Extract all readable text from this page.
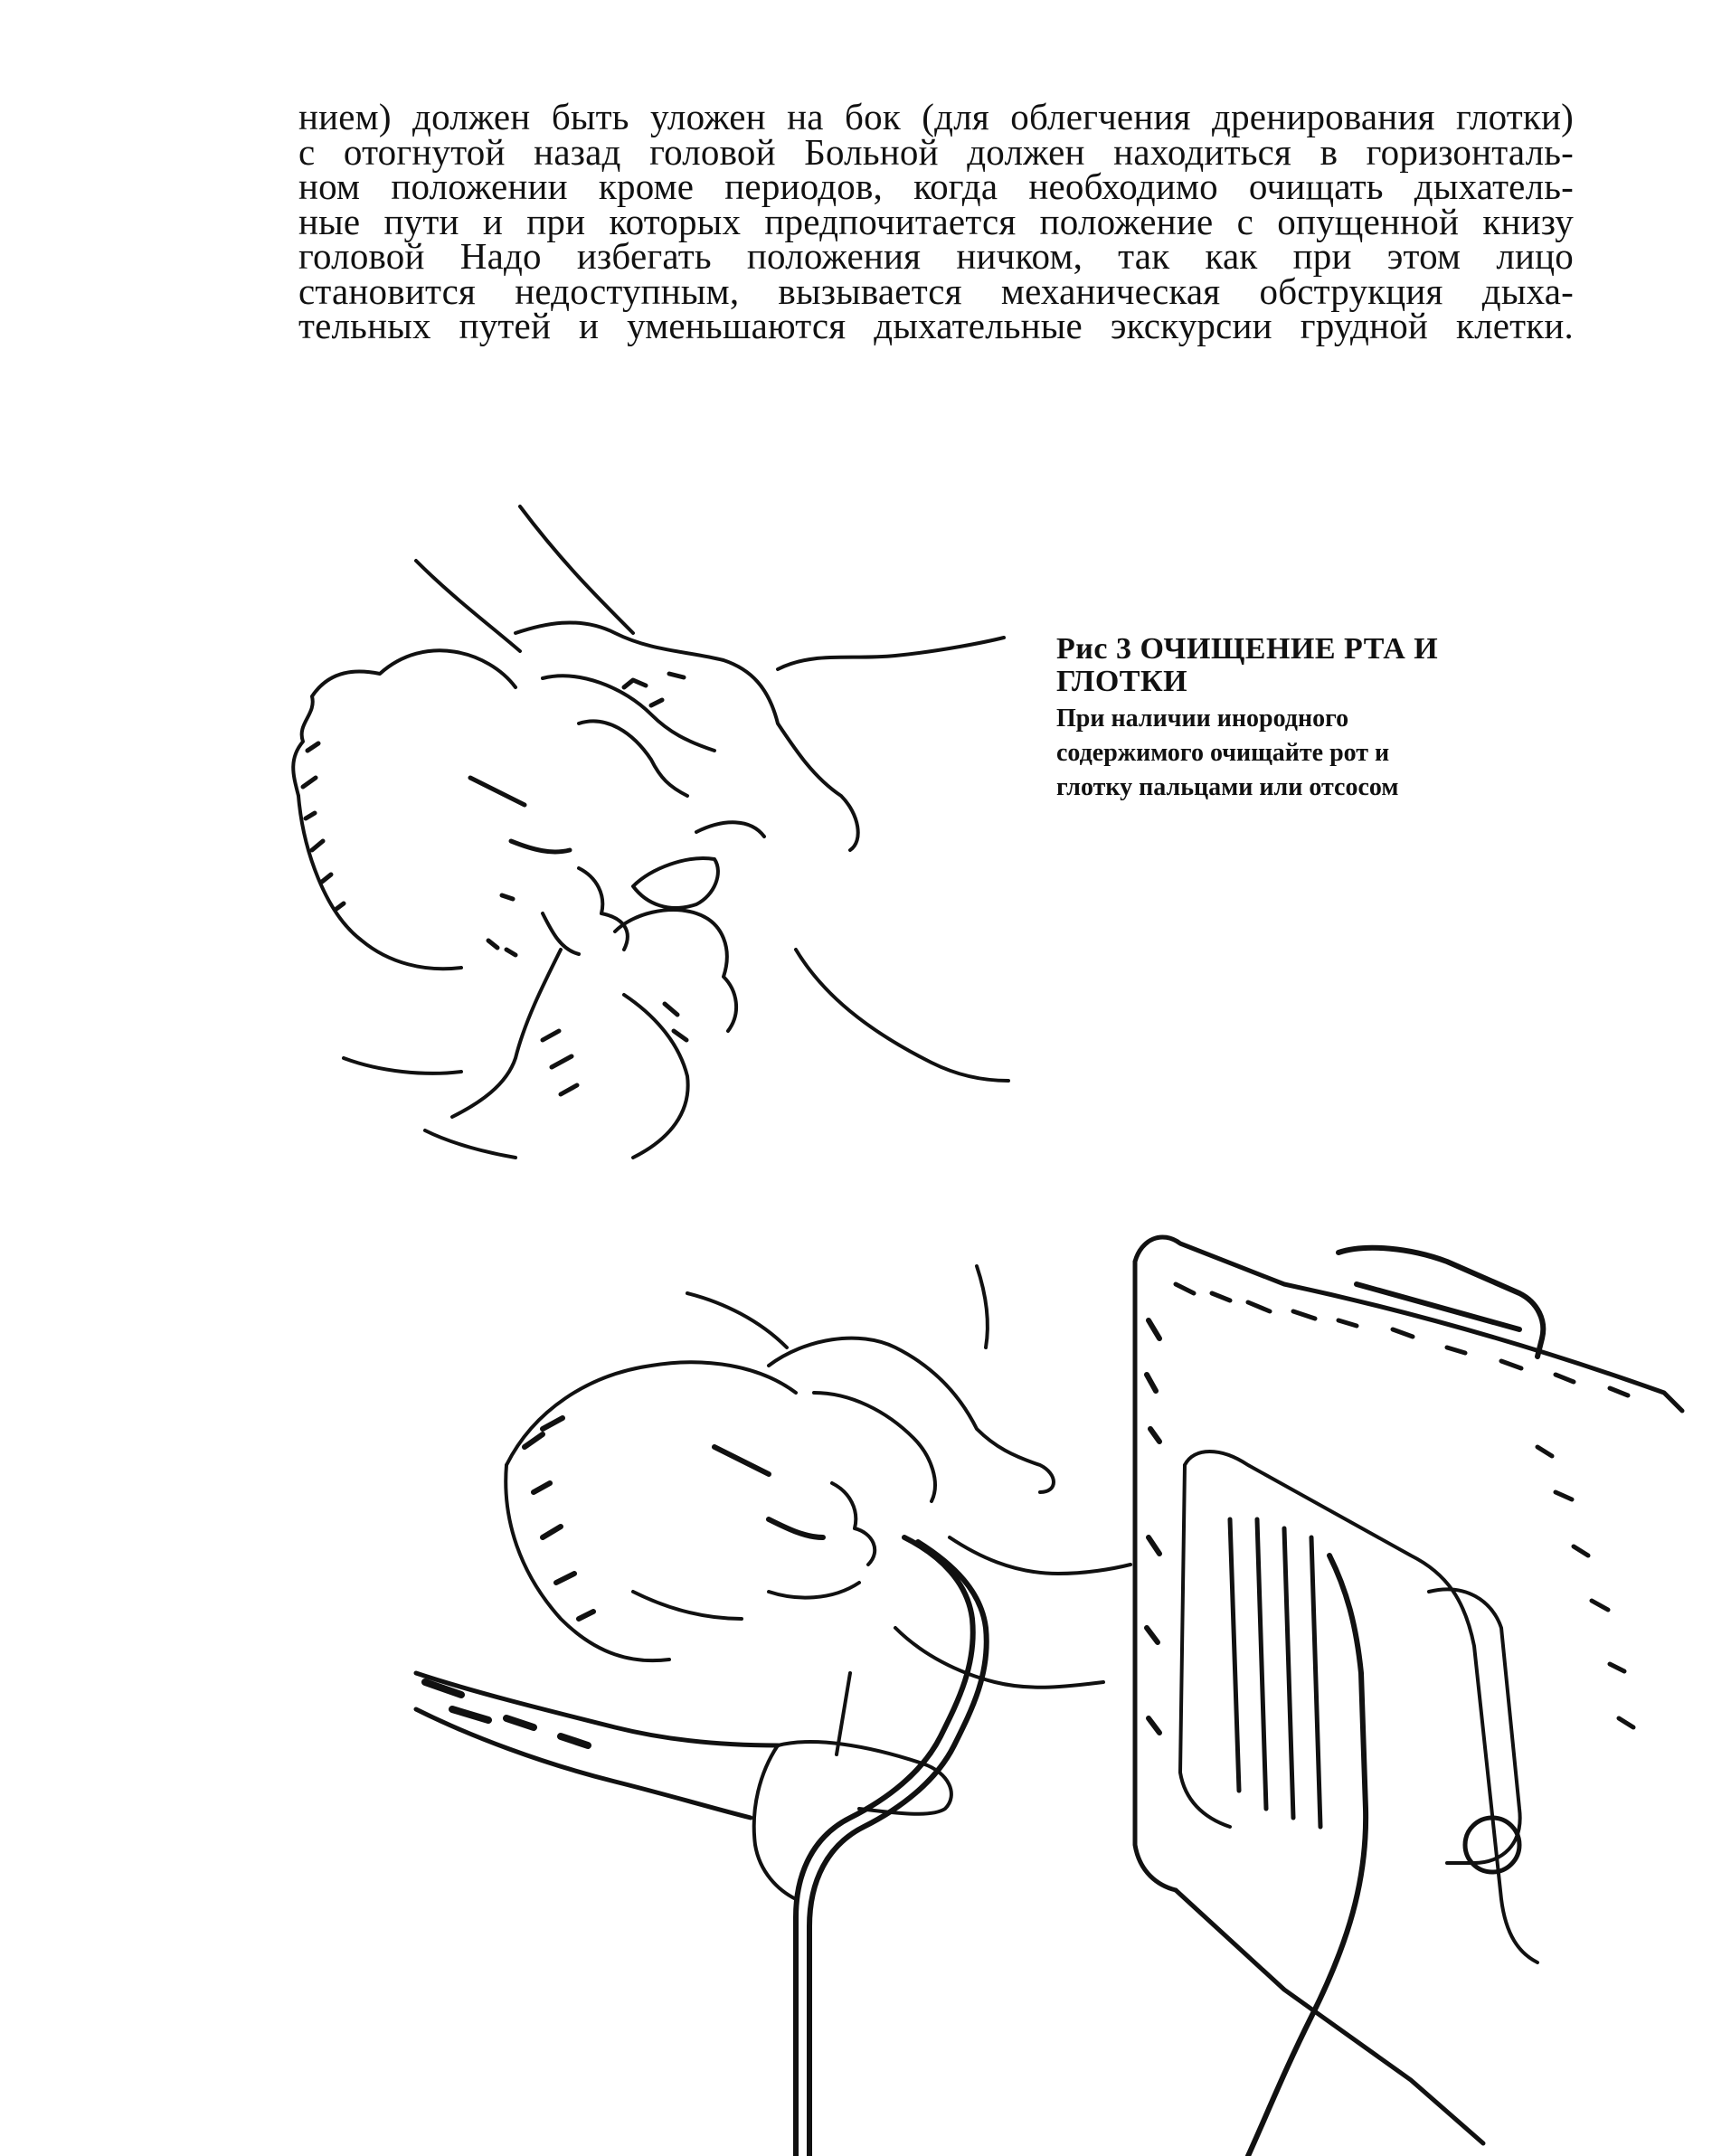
нием) должен быть уложен на бок (для облегчения дренирования глотки)
с отогнутой назад головой Больной должен находиться в горизонталь-
ном положении кроме периодов, когда необходимо очищать дыхатель-
ные пути и при которых предпочитается положение с опущенной книзу
головой Надо избегать положения ничком, так как при этом лицо
становится недоступным, вызывается механическая обструкция дыха-
тельных путей и уменьшаются дыхательные экскурсии грудной клетки.
Рис 3 ОЧИЩЕНИЕ РТА И
ГЛОТКИ
При наличии инородного
содержимого очищайте рот и
глотку пальцами или отсосом
